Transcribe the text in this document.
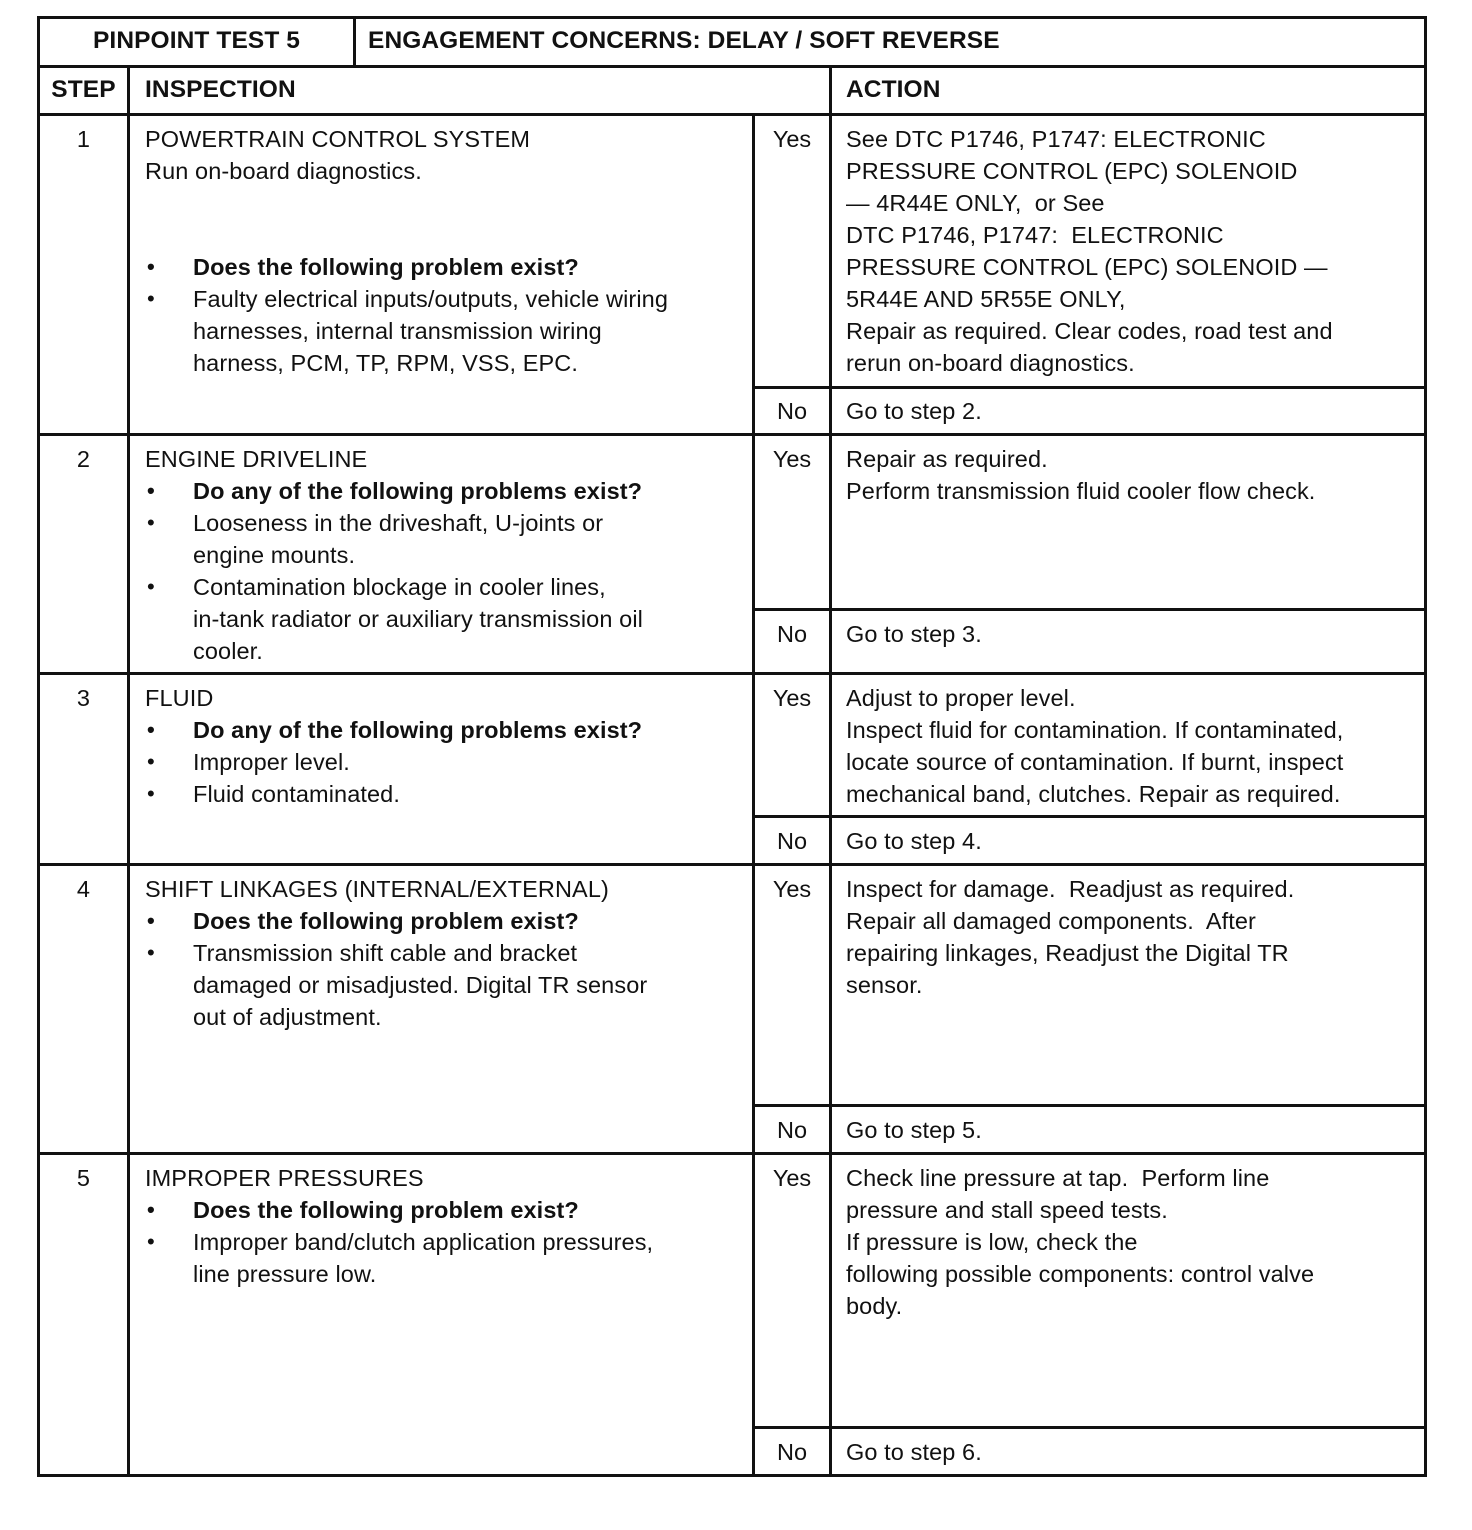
PINPOINT TEST 5	ENGAGEMENT CONCERNS: DELAY / SOFT REVERSE
STEP	INSPECTION	ACTION
1	POWERTRAIN CONTROL SYSTEM
Run on-board diagnostics.
• Does the following problem exist?
• Faulty electrical inputs/outputs, vehicle wiring
harnesses, internal transmission wiring
harness, PCM, TP, RPM, VSS, EPC.
Yes	See DTC P1746, P1747: ELECTRONIC
PRESSURE CONTROL (EPC) SOLENOID
— 4R44E ONLY,  or See
DTC P1746, P1747:  ELECTRONIC
PRESSURE CONTROL (EPC) SOLENOID —
5R44E AND 5R55E ONLY,
Repair as required. Clear codes, road test and
rerun on-board diagnostics.
No	Go to step 2.
2	ENGINE DRIVELINE
• Do any of the following problems exist?
• Looseness in the driveshaft, U-joints or
engine mounts.
• Contamination blockage in cooler lines,
in-tank radiator or auxiliary transmission oil
cooler.
Yes	Repair as required.
Perform transmission fluid cooler flow check.
No	Go to step 3.
3	FLUID
• Do any of the following problems exist?
• Improper level.
• Fluid contaminated.
Yes	Adjust to proper level.
Inspect fluid for contamination. If contaminated,
locate source of contamination. If burnt, inspect
mechanical band, clutches. Repair as required.
No	Go to step 4.
4	SHIFT LINKAGES (INTERNAL/EXTERNAL)
• Does the following problem exist?
• Transmission shift cable and bracket
damaged or misadjusted. Digital TR sensor
out of adjustment.
Yes	Inspect for damage.  Readjust as required.
Repair all damaged components.  After
repairing linkages, Readjust the Digital TR
sensor.
No	Go to step 5.
5	IMPROPER PRESSURES
• Does the following problem exist?
• Improper band/clutch application pressures,
line pressure low.
Yes	Check line pressure at tap.  Perform line
pressure and stall speed tests.
If pressure is low, check the
following possible components: control valve
body.
No	Go to step 6.
